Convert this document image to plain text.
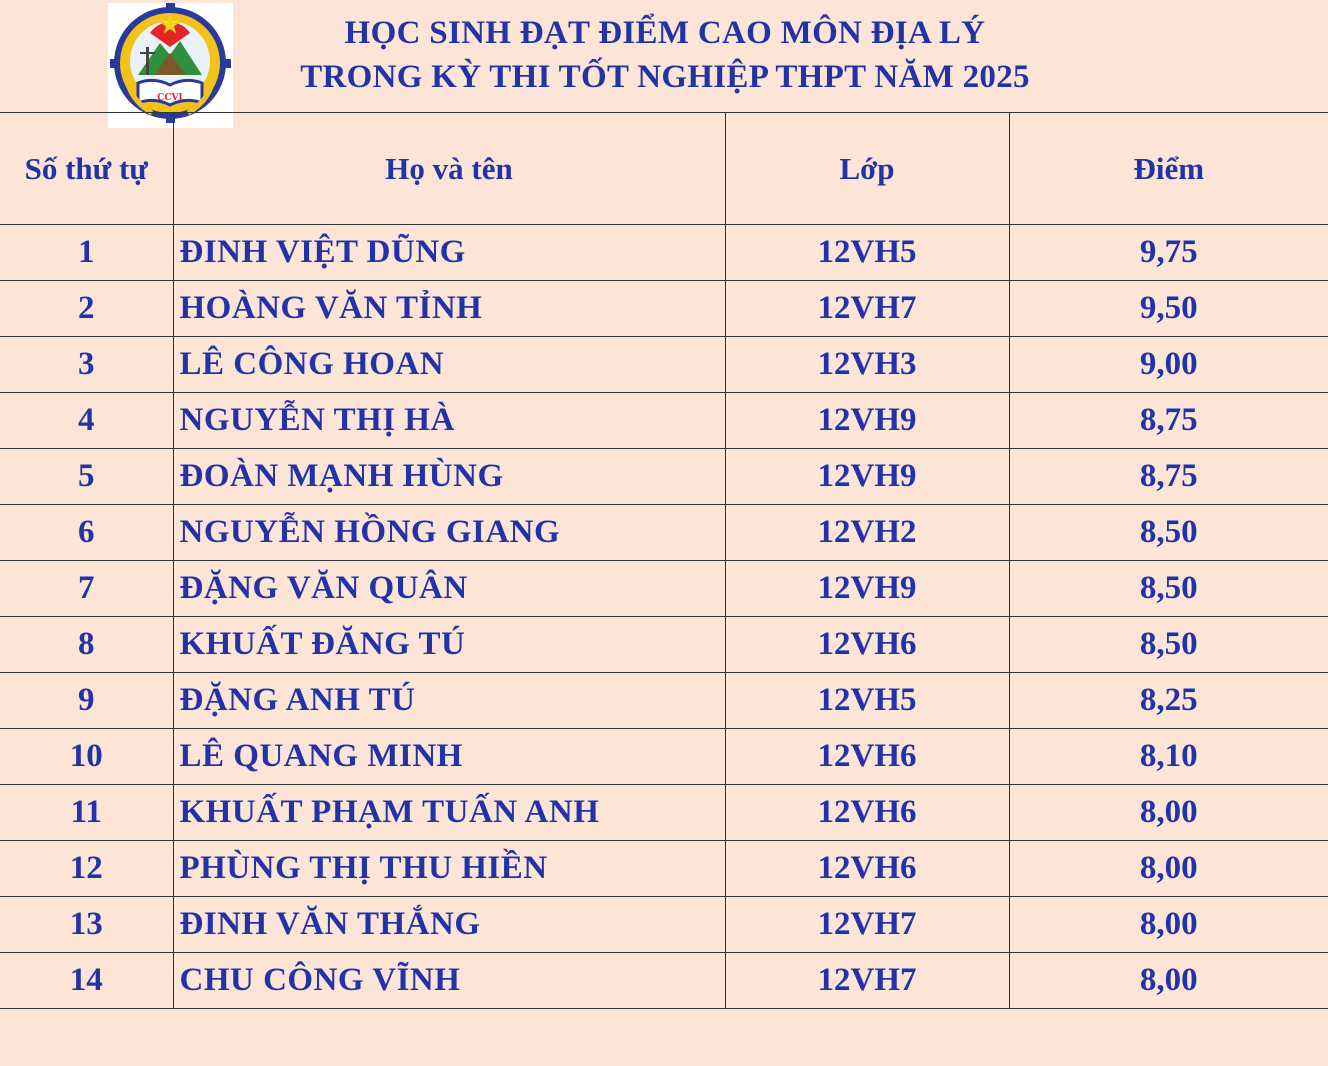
CCVI
HỌC SINH ĐẠT ĐIỂM CAO MÔN ĐỊA LÝ
TRONG KỲ THI TỐT NGHIỆP THPT NĂM 2025
Số thứ tự	Họ và tên	Lớp	Điểm
1	ĐINH VIỆT DŨNG	12VH5	9,75
2	HOÀNG VĂN TỈNH	12VH7	9,50
3	LÊ CÔNG HOAN	12VH3	9,00
4	NGUYỄN THỊ HÀ	12VH9	8,75
5	ĐOÀN MẠNH HÙNG	12VH9	8,75
6	NGUYỄN HỒNG GIANG	12VH2	8,50
7	ĐẶNG VĂN QUÂN	12VH9	8,50
8	KHUẤT ĐĂNG TÚ	12VH6	8,50
9	ĐẶNG ANH TÚ	12VH5	8,25
10	LÊ QUANG MINH	12VH6	8,10
11	KHUẤT PHẠM TUẤN ANH	12VH6	8,00
12	PHÙNG THỊ THU HIỀN	12VH6	8,00
13	ĐINH VĂN THẮNG	12VH7	8,00
14	CHU CÔNG VĨNH	12VH7	8,00
